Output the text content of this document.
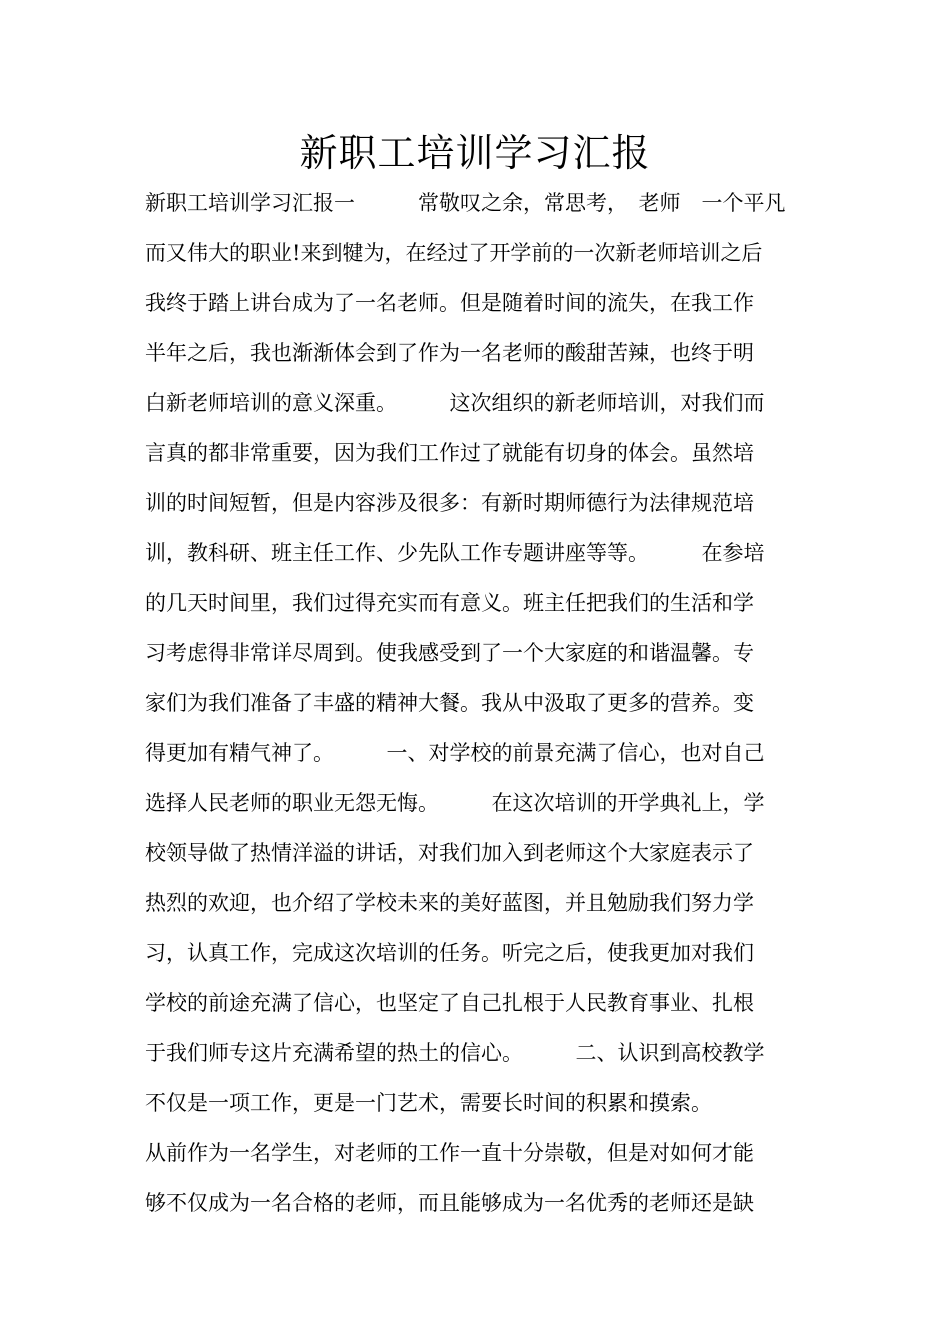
新职工培训学习汇报
新职工培训学习汇报一　　　常敬叹之余，常思考，　老师　一个平凡
而又伟大的职业!来到犍为，在经过了开学前的一次新老师培训之后
我终于踏上讲台成为了一名老师。但是随着时间的流失，在我工作
半年之后，我也渐渐体会到了作为一名老师的酸甜苦辣，也终于明
白新老师培训的意义深重。　　　这次组织的新老师培训，对我们而
言真的都非常重要，因为我们工作过了就能有切身的体会。虽然培
训的时间短暂，但是内容涉及很多：有新时期师德行为法律规范培
训，教科研、班主任工作、少先队工作专题讲座等等。　　　在参培
的几天时间里，我们过得充实而有意义。班主任把我们的生活和学
习考虑得非常详尽周到。使我感受到了一个大家庭的和谐温馨。专
家们为我们准备了丰盛的精神大餐。我从中汲取了更多的营养。变
得更加有精气神了。　　　一、对学校的前景充满了信心，也对自己
选择人民老师的职业无怨无悔。　　　在这次培训的开学典礼上，学
校领导做了热情洋溢的讲话，对我们加入到老师这个大家庭表示了
热烈的欢迎，也介绍了学校未来的美好蓝图，并且勉励我们努力学
习，认真工作，完成这次培训的任务。听完之后，使我更加对我们
学校的前途充满了信心，也坚定了自己扎根于人民教育事业、扎根
于我们师专这片充满希望的热土的信心。　　　二、认识到高校教学
不仅是一项工作，更是一门艺术，需要长时间的积累和摸索。
从前作为一名学生，对老师的工作一直十分崇敬，但是对如何才能
够不仅成为一名合格的老师，而且能够成为一名优秀的老师还是缺
